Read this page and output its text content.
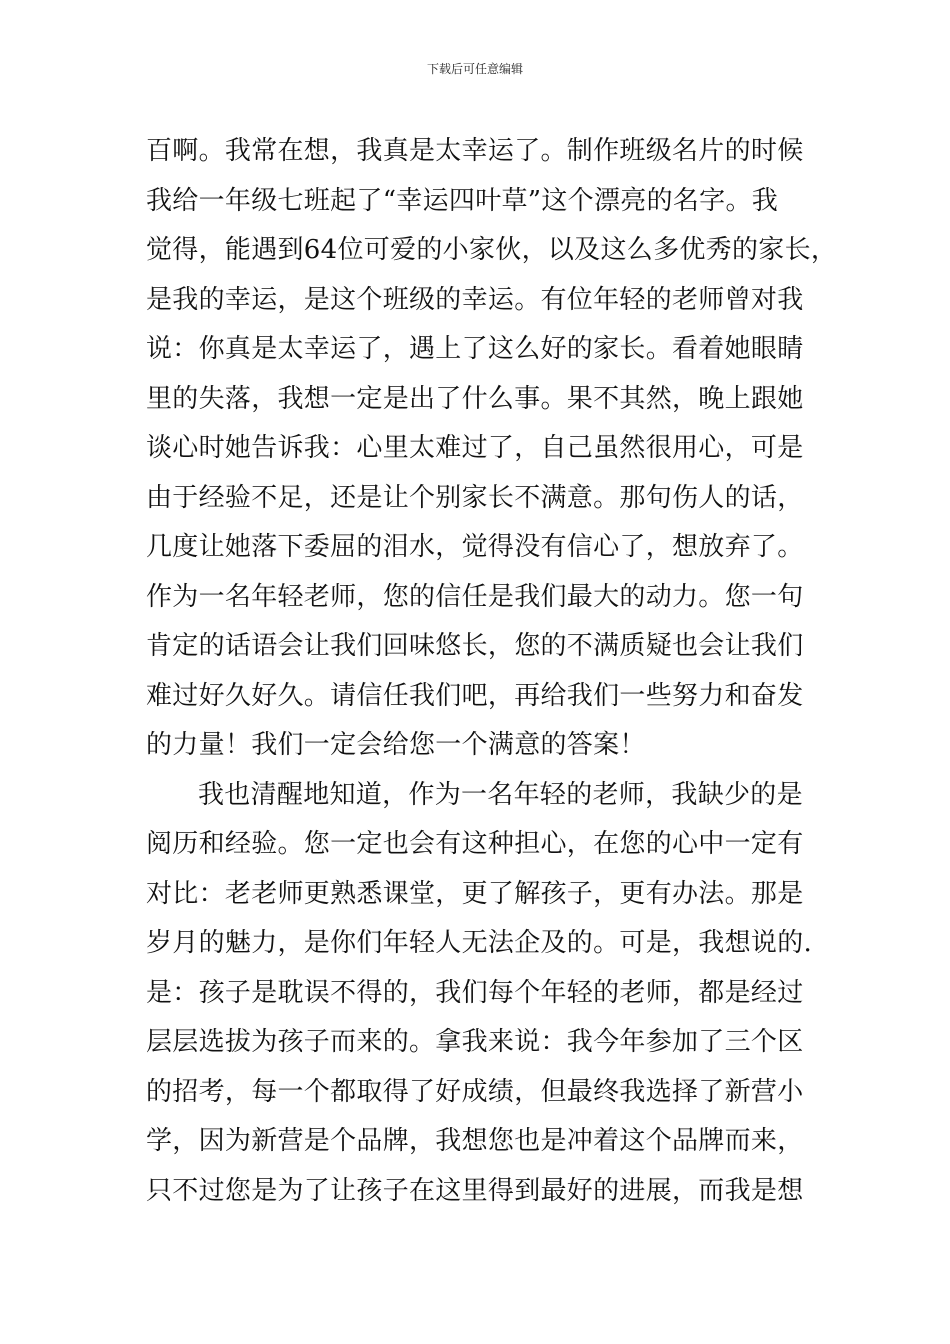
下载后可任意编辑
百啊。我常在想，我真是太幸运了。制作班级名片的时候
我给一年级七班起了“幸运四叶草”这个漂亮的名字。我
觉得，能遇到64位可爱的小家伙，以及这么多优秀的家长，
是我的幸运，是这个班级的幸运。有位年轻的老师曾对我
说：你真是太幸运了，遇上了这么好的家长。看着她眼睛
里的失落，我想一定是出了什么事。果不其然，晚上跟她
谈心时她告诉我：心里太难过了，自己虽然很用心，可是
由于经验不足，还是让个别家长不满意。那句伤人的话，
几度让她落下委屈的泪水，觉得没有信心了，想放弃了。
作为一名年轻老师，您的信任是我们最大的动力。您一句
肯定的话语会让我们回味悠长，您的不满质疑也会让我们
难过好久好久。请信任我们吧，再给我们一些努力和奋发
的力量！我们一定会给您一个满意的答案！
我也清醒地知道，作为一名年轻的老师，我缺少的是
阅历和经验。您一定也会有这种担心，在您的心中一定有
对比：老老师更熟悉课堂，更了解孩子，更有办法。那是
岁月的魅力，是你们年轻人无法企及的。可是，我想说的.
是：孩子是耽误不得的，我们每个年轻的老师，都是经过
层层选拔为孩子而来的。拿我来说：我今年参加了三个区
的招考，每一个都取得了好成绩，但最终我选择了新营小
学，因为新营是个品牌，我想您也是冲着这个品牌而来，
只不过您是为了让孩子在这里得到最好的进展，而我是想
